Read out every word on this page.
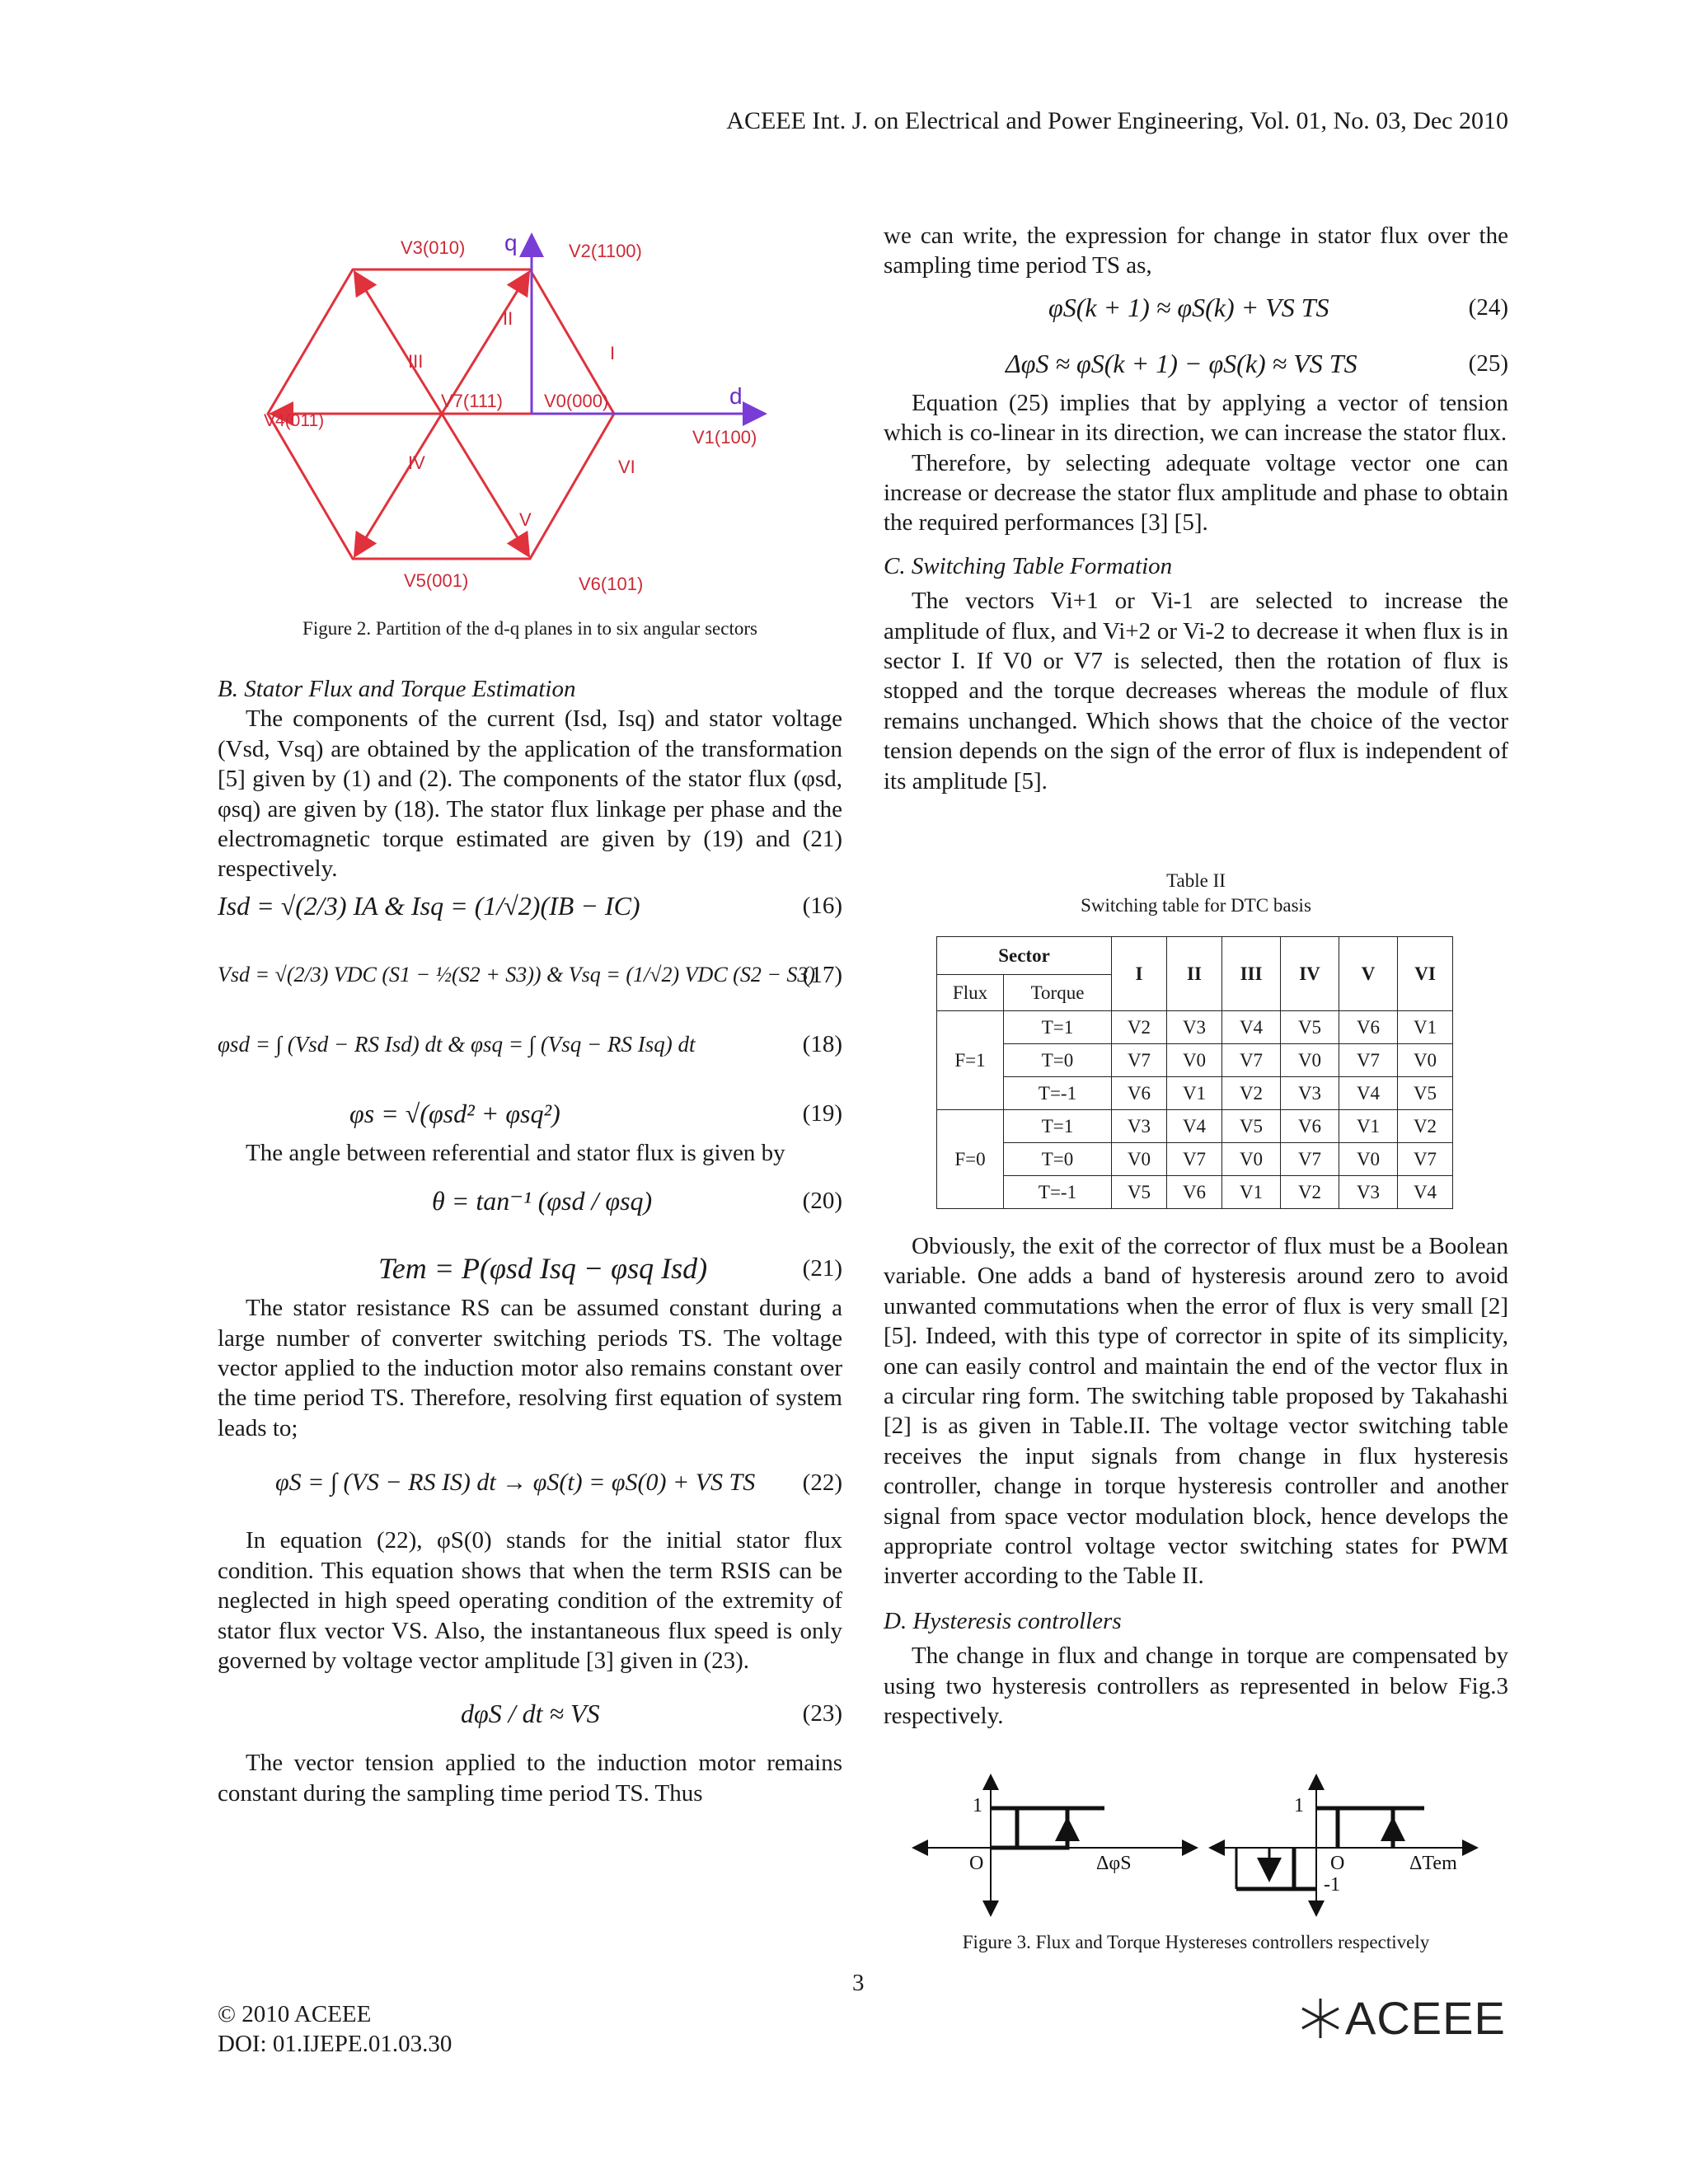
ACEEE Int. J. on Electrical and Power Engineering, Vol. 01, No. 03, Dec 2010
V4(011)
V3(010)	V2(1100)
V1(100)
V5(001)	V6(101)
V7(111) V0(000)
II
I
III
IV	VI
V
q
d
Figure 2. Partition of the d-q planes in to six angular sectors

B. Stator Flux and Torque Estimation

The components of the current (Isd, Isq) and stator voltage (Vsd, Vsq) are obtained by the application of the transformation [5] given by (1) and (2). The components of the stator flux (φsd, φsq) are given by (18). The stator flux linkage per phase and the electromagnetic torque estimated are given by (19) and (21) respectively.

Isd = √(2/3) IA & Isq = (1/√2)(IB − IC)	(16)
Vsd = √(2/3) VDC (S1 − ½(S2 + S3)) & Vsq = (1/√2) VDC (S2 − S3)
(17)
φsd = ∫ (Vsd − RS Isd) dt & φsq = ∫ (Vsq − RS Isq) dt	(18)
φs = √(φsd² + φsq²)	(19)

The angle between referential and stator flux is given by

θ = tan⁻¹ (φsd / φsq)	(20)
Tem = P(φsd Isq − φsq Isd)	(21)

The stator resistance RS can be assumed constant during a large number of converter switching periods TS. The voltage vector applied to the induction motor also remains constant over the time period TS. Therefore, resolving first equation of system leads to;

φS = ∫ (VS − RS IS) dt → φS(t) = φS(0) + VS TS (22)

In equation (22), φS(0) stands for the initial stator flux condition. This equation shows that when the term RSIS can be neglected in high speed operating condition of the extremity of stator flux vector VS. Also, the instantaneous flux speed is only governed by voltage vector amplitude [3] given in (23).

dφS / dt ≈ VS	(23)

The vector tension applied to the induction motor remains constant during the sampling time period TS. Thus

we can write, the expression for change in stator flux over the sampling time period TS as,

φS(k + 1) ≈ φS(k) + VS TS	(24)
ΔφS ≈ φS(k + 1) − φS(k) ≈ VS TS	(25)

Equation (25) implies that by applying a vector of tension which is co-linear in its direction, we can increase the stator flux.

Therefore, by selecting adequate voltage vector one can increase or decrease the stator flux amplitude and phase to obtain the required performances [3] [5].

C. Switching Table Formation

The vectors Vi+1 or Vi-1 are selected to increase the amplitude of flux, and Vi+2 or Vi-2 to decrease it when flux is in sector I. If V0 or V7 is selected, then the rotation of flux is stopped and the torque decreases whereas the module of flux remains unchanged. Which shows that the choice of the vector tension depends on the sign of the error of flux is independent of its amplitude [5].

Table II
Switching table for DTC basis
Sector		I	II	III	IV	V	VI
Flux	Torque						
F=1	T=1	V2	V3	V4	V5	V6	V1
	T=0	V7	V0	V7	V0	V7	V0
	T=-1	V6	V1	V2	V3	V4	V5
F=0	T=1	V3	V4	V5	V6	V1	V2
	T=0	V0	V7	V0	V7	V0	V7
	T=-1	V5	V6	V1	V2	V3	V4

Obviously, the exit of the corrector of flux must be a Boolean variable. One adds a band of hysteresis around zero to avoid unwanted commutations when the error of flux is very small [2] [5]. Indeed, with this type of corrector in spite of its simplicity, one can easily control and maintain the end of the vector flux in a circular ring form. The switching table proposed by Takahashi [2] is as given in Table.II. The voltage vector switching table receives the input signals from change in flux hysteresis controller, change in torque hysteresis controller and another signal from space vector modulation block, hence develops the appropriate control voltage vector switching states for PWM inverter according to the Table II.

D. Hysteresis controllers

The change in flux and change in torque are compensated by using two hysteresis controllers as represented in below Fig.3 respectively.

1
O	ΔφS
1
O
-1
ΔTem
Figure 3. Flux and Torque Hystereses controllers respectively
3
© 2010 ACEEE
DOI: 01.IJEPE.01.03.30	ACEEE
